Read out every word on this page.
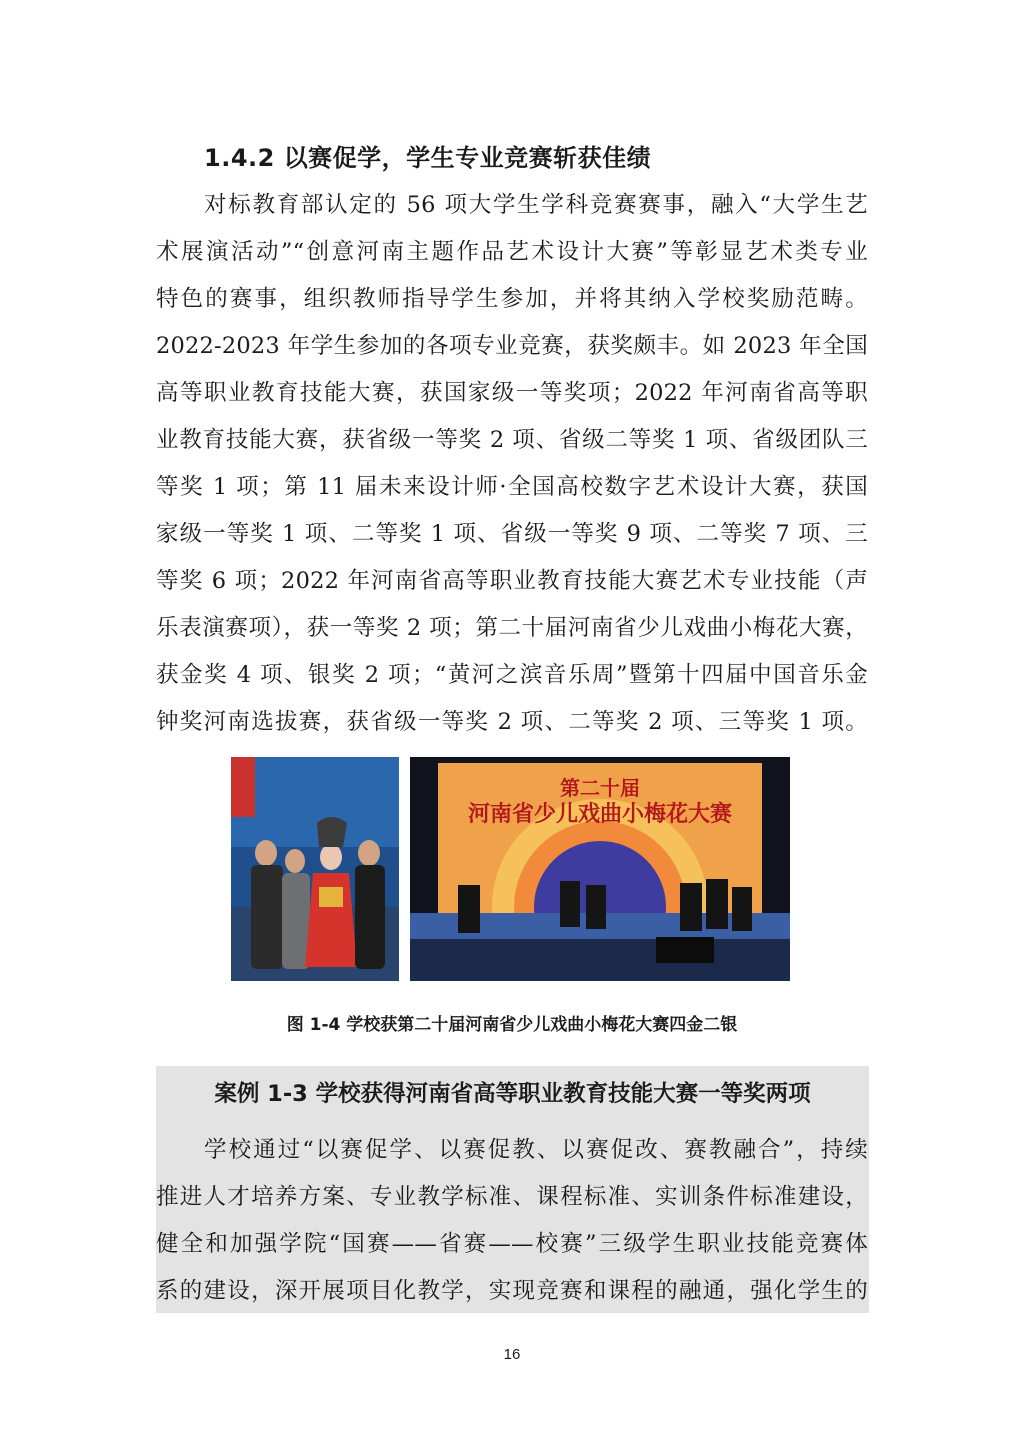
1.4.2 以赛促学，学生专业竞赛斩获佳绩
对标教育部认定的 56 项大学生学科竞赛赛事，融入“大学生艺
术展演活动”“创意河南主题作品艺术设计大赛”等彰显艺术类专业
特色的赛事，组织教师指导学生参加，并将其纳入学校奖励范畴。
2022-2023 年学生参加的各项专业竞赛，获奖颇丰。如 2023 年全国
高等职业教育技能大赛，获国家级一等奖项；2022 年河南省高等职
业教育技能大赛，获省级一等奖 2 项、省级二等奖 1 项、省级团队三
等奖 1 项；第 11 届未来设计师·全国高校数字艺术设计大赛，获国
家级一等奖 1 项、二等奖 1 项、省级一等奖 9 项、二等奖 7 项、三
等奖 6 项；2022 年河南省高等职业教育技能大赛艺术专业技能（声
乐表演赛项），获一等奖 2 项；第二十届河南省少儿戏曲小梅花大赛，
获金奖 4 项、银奖 2 项；“黄河之滨音乐周”暨第十四届中国音乐金
钟奖河南选拔赛，获省级一等奖 2 项、二等奖 2 项、三等奖 1 项。
第二十届
河南省少儿戏曲小梅花大赛
图 1-4 学校获第二十届河南省少儿戏曲小梅花大赛四金二银
案例 1-3 学校获得河南省高等职业教育技能大赛一等奖两项
学校通过“以赛促学、以赛促教、以赛促改、赛教融合”，持续
推进人才培养方案、专业教学标准、课程标准、实训条件标准建设，
健全和加强学院“国赛——省赛——校赛”三级学生职业技能竞赛体
系的建设，深开展项目化教学，实现竞赛和课程的融通，强化学生的
16
